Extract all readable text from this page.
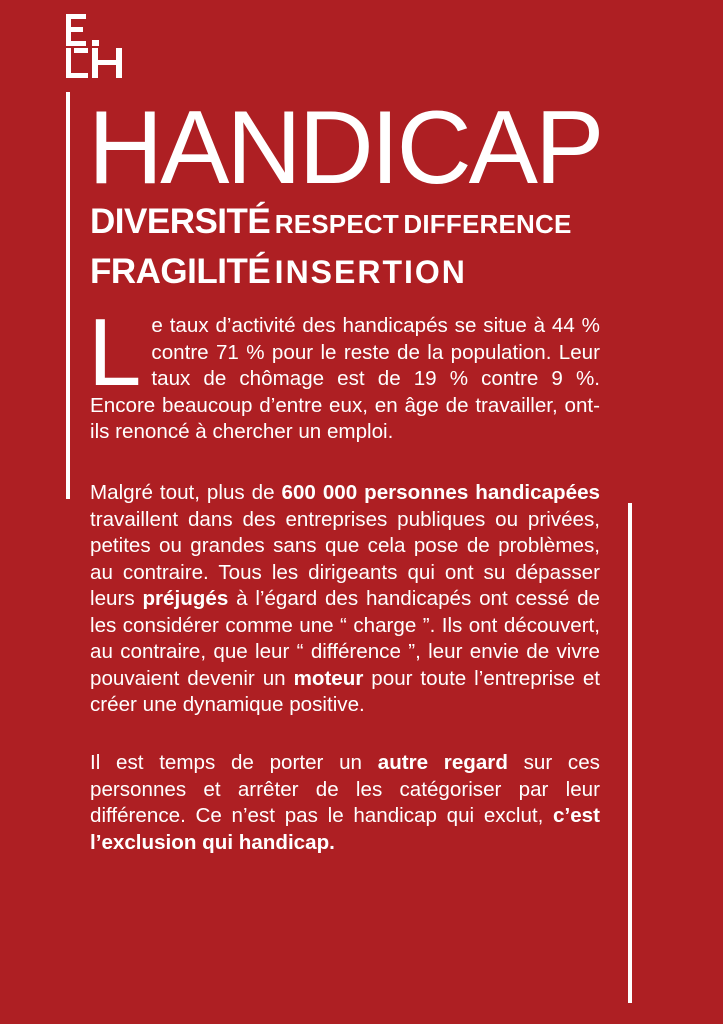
HANDICAP
DIVERSITÉ RESPECT DIFFERENCE
FRAGILITÉ INSERTION

Le taux d’activité des handicapés se situe à 44 % contre 71 % pour le reste de la population. Leur taux de chômage est de 19 % contre 9 %. Encore beaucoup d’entre eux, en âge de travailler, ont-ils renoncé à chercher un emploi.

Malgré tout, plus de 600 000 personnes handicapées travaillent dans des entreprises publiques ou privées, petites ou grandes sans que cela pose de problèmes, au contraire. Tous les dirigeants qui ont su dépasser leurs préjugés à l’égard des handicapés ont cessé de les considérer comme une “ charge ”. Ils ont découvert, au contraire, que leur “ différence ”, leur envie de vivre pouvaient devenir un moteur pour toute l’entreprise et créer une dynamique positive.

Il est temps de porter un autre regard sur ces personnes et arrêter de les catégoriser par leur différence. Ce n’est pas le handicap qui exclut, c’est l’exclusion qui handicap.
